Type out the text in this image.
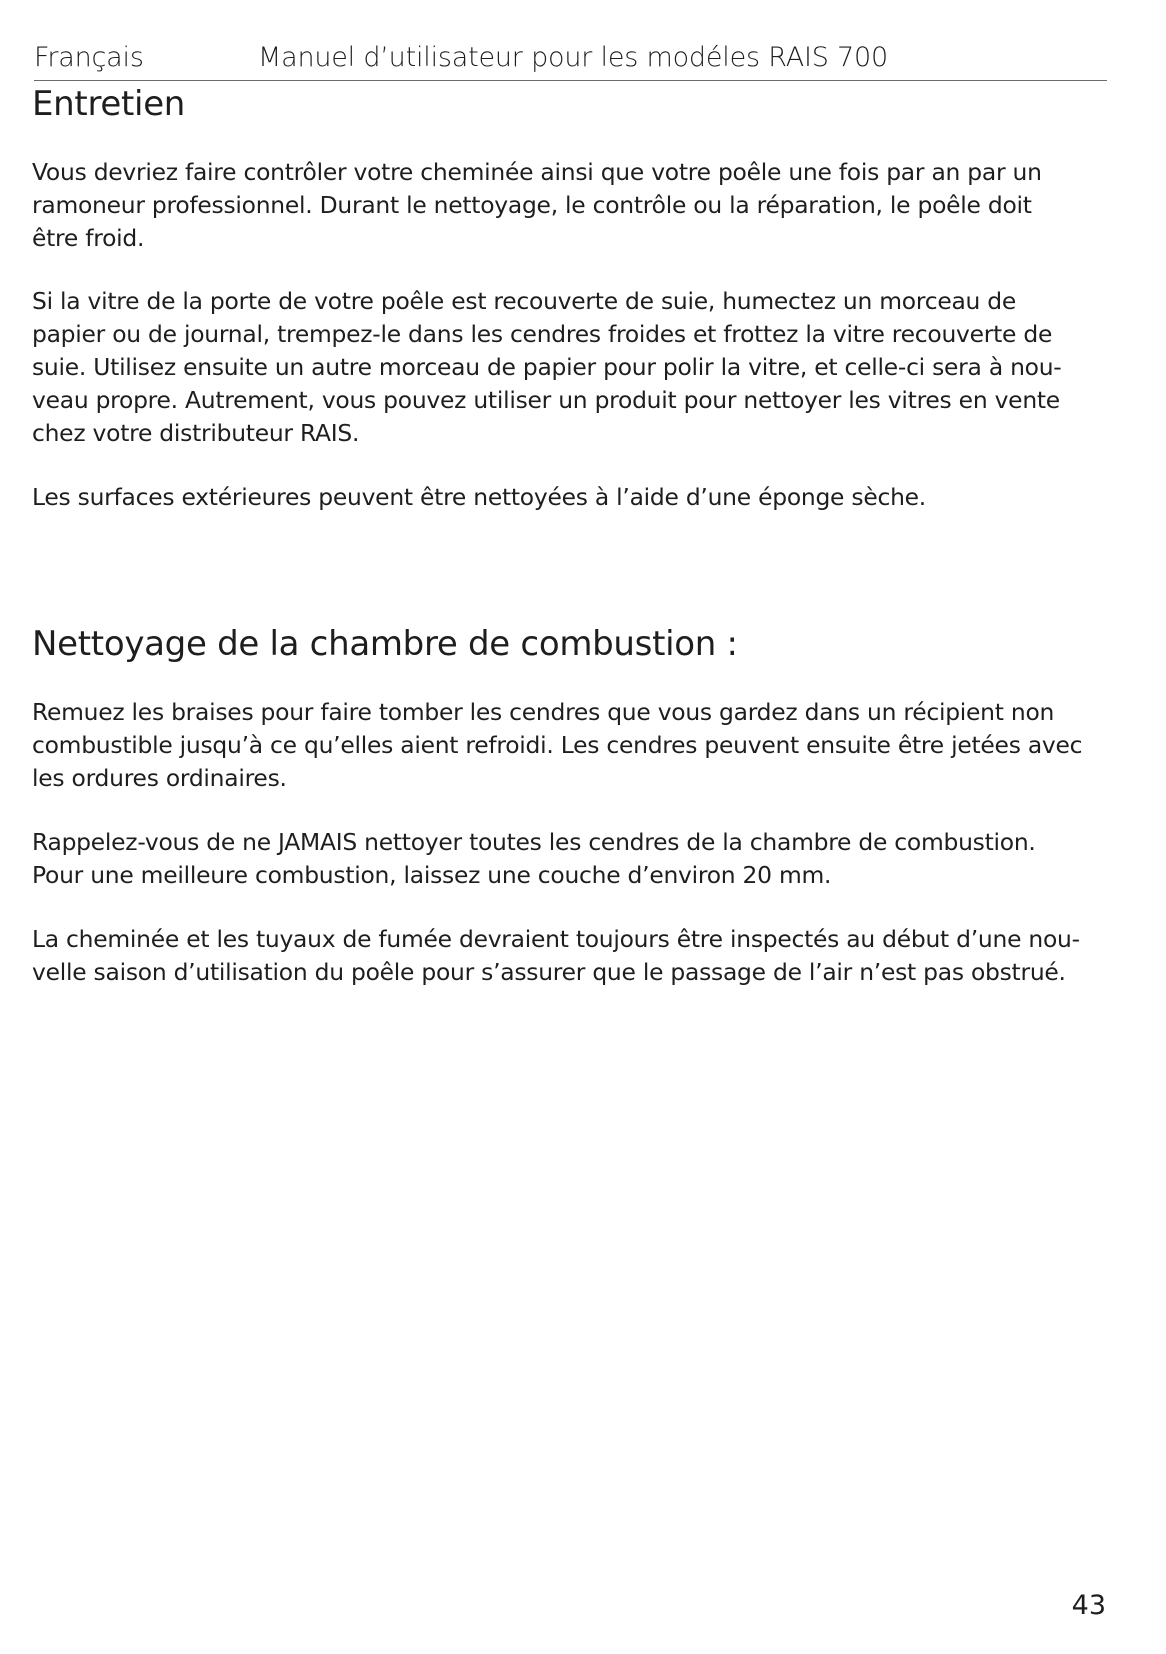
Français	Manuel d’utilisateur pour les modéles RAIS 700
Entretien

Vous devriez faire contrôler votre cheminée ainsi que votre poêle une fois par an par un
ramoneur professionnel. Durant le nettoyage, le contrôle ou la réparation, le poêle doit
être froid.

Si la vitre de la porte de votre poêle est recouverte de suie, humectez un morceau de
papier ou de journal, trempez-le dans les cendres froides et frottez la vitre recouverte de
suie. Utilisez ensuite un autre morceau de papier pour polir la vitre, et celle-ci sera à nou-
veau propre. Autrement, vous pouvez utiliser un produit pour nettoyer les vitres en vente
chez votre distributeur RAIS.

Les surfaces extérieures peuvent être nettoyées à l’aide d’une éponge sèche.

Nettoyage de la chambre de combustion :

Remuez les braises pour faire tomber les cendres que vous gardez dans un récipient non
combustible jusqu’à ce qu’elles aient refroidi. Les cendres peuvent ensuite être jetées avec
les ordures ordinaires.

Rappelez-vous de ne JAMAIS nettoyer toutes les cendres de la chambre de combustion.
Pour une meilleure combustion, laissez une couche d’environ 20 mm.

La cheminée et les tuyaux de fumée devraient toujours être inspectés au début d’une nou-
velle saison d’utilisation du poêle pour s’assurer que le passage de l’air n’est pas obstrué.

43
